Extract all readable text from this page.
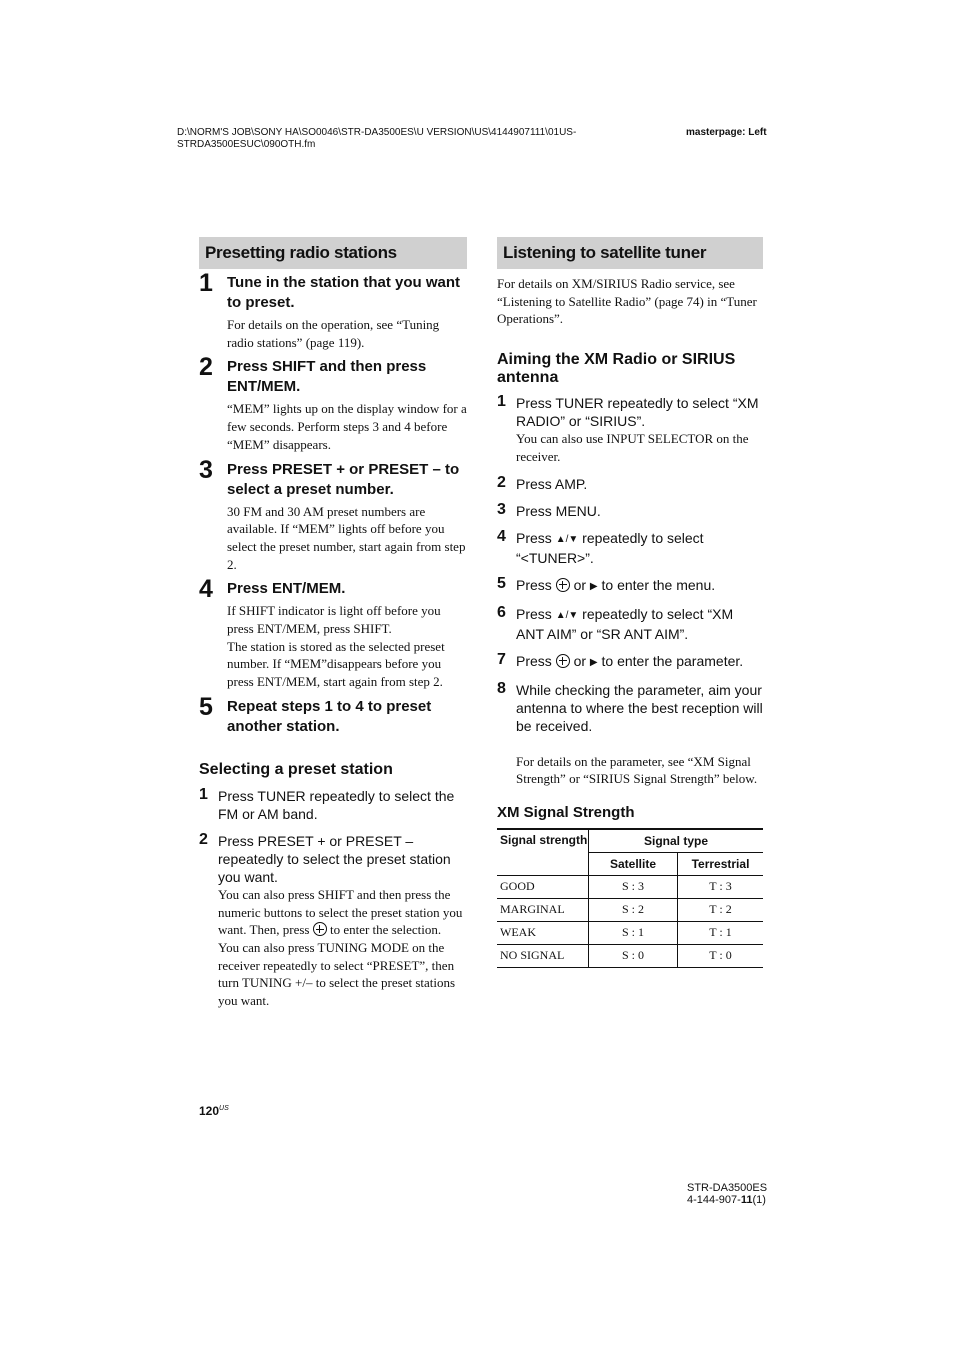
D:\NORM'S JOB\SONY HA\SO0046\STR-DA3500ES\U VERSION\US\4144907111\01US-
STRDA3500ESUC\090OTH.fm
masterpage: Left
Presetting radio stations
1 Tune in the station that you want to preset.
For details on the operation, see “Tuning radio stations” (page 119).
2 Press SHIFT and then press ENT/MEM.
“MEM” lights up on the display window for a few seconds. Perform steps 3 and 4 before “MEM” disappears.
3 Press PRESET + or PRESET – to select a preset number.
30 FM and 30 AM preset numbers are available. If “MEM” lights off before you select the preset number, start again from step 2.
4 Press ENT/MEM.
If SHIFT indicator is light off before you press ENT/MEM, press SHIFT.
The station is stored as the selected preset number. If “MEM”disappears before you press ENT/MEM, start again from step 2.
5 Repeat steps 1 to 4 to preset another station.
Selecting a preset station
1 Press TUNER repeatedly to select the FM or AM band.
2 Press PRESET + or PRESET – repeatedly to select the preset station you want.
You can also press SHIFT and then press the numeric buttons to select the preset station you want. Then, press to enter the selection.
You can also press TUNING MODE on the receiver repeatedly to select “PRESET”, then turn TUNING +/– to select the preset stations you want.
Listening to satellite tuner
For details on XM/SIRIUS Radio service, see “Listening to Satellite Radio” (page 74) in “Tuner Operations”.
Aiming the XM Radio or SIRIUS antenna
1 Press TUNER repeatedly to select “XM RADIO” or “SIRIUS”.
You can also use INPUT SELECTOR on the receiver.
2 Press AMP.
3 Press MENU.
4 Press ▲/▼ repeatedly to select “<TUNER>”.
5 Press or ▶ to enter the menu.
6 Press ▲/▼ repeatedly to select “XM ANT AIM” or “SR ANT AIM”.
7 Press or ▶ to enter the parameter.
8 While checking the parameter, aim your antenna to where the best reception will be received.
For details on the parameter, see “XM Signal Strength” or “SIRIUS Signal Strength” below.
XM Signal Strength
Signal strength	Signal type	
	Satellite	Terrestrial
GOOD	S : 3	T : 3
MARGINAL	S : 2	T : 2
WEAK	S : 1	T : 1
NO SIGNAL	S : 0	T : 0
$120^{US}$
STR-DA3500ES
4-144-907-11(1)
